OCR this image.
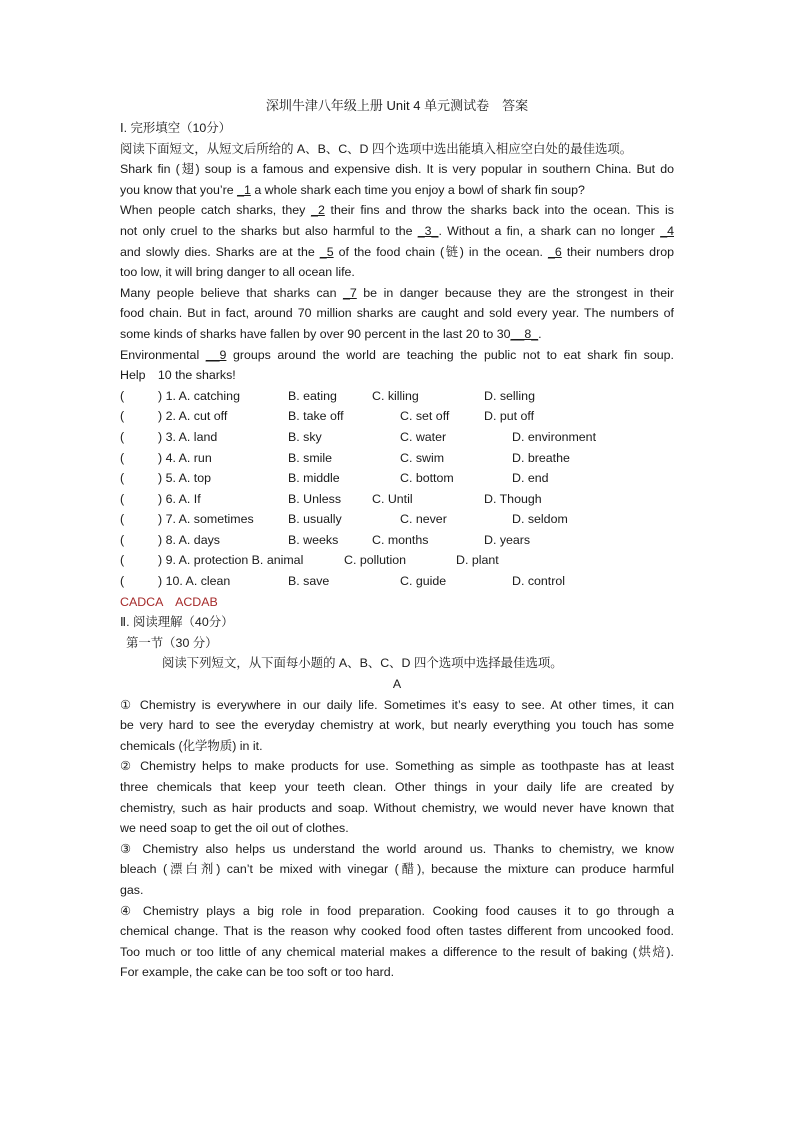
深圳牛津八年级上册 Unit 4 单元测试卷　答案

Ⅰ. 完形填空（10分）

阅读下面短文，从短文后所给的 A、B、C、D 四个选项中选出能填入相应空白处的最佳选项。

Shark fin (翅) soup is a famous and expensive dish. It is very popular in southern China. But do

you know that you’re _1 a whole shark each time you enjoy a bowl of shark fin soup?

When people catch sharks, they _2 their fins and throw the sharks back into the ocean. This is

not only cruel to the sharks but also harmful to the _3_. Without a fin, a shark can no longer _4

and slowly dies. Sharks are at the _5 of the food chain (链) in the ocean. _6 their numbers drop

too low, it will bring danger to all ocean life.

Many people believe that sharks can _7 be in danger because they are the strongest in their

food chain. But in fact, around 70 million sharks are caught and sold every year. The numbers of

some kinds of sharks have fallen by over 90 percent in the last 20 to 30__8_.

Environmental __9 groups around the world are teaching the public not to eat shark fin soup.

Help　10 the sharks!

(	) 1. A. catching	B. eating	C. killing	D. selling
(	) 2. A. cut off	B. take off	C. set off	D. put off
(	) 3. A. land	B. sky	C. water	D. environment
(	) 4. A. run	B. smile	C. swim	D. breathe
(	) 5. A. top	B. middle	C. bottom	D. end
(	) 6. A. If	B. Unless C. Until	D. Though
(	) 7. A. sometimes	B. usually	C. never	D. seldom
(	) 8. A. days	B. weeks	C. months	D. years
(	) 9. A. protection B. animal	C. pollution	D. plant
(	) 10. A. clean	B. save	C. guide	D. control

CADCA　ACDAB

Ⅱ. 阅读理解（40分）

第一节（30 分）

阅读下列短文，从下面每小题的 A、B、C、D 四个选项中选择最佳选项。

A

① Chemistry is everywhere in our daily life. Sometimes it’s easy to see. At other times, it can

be very hard to see the everyday chemistry at work, but nearly everything you touch has some

chemicals (化学物质) in it.

② Chemistry helps to make products for use. Something as simple as toothpaste has at least

three chemicals that keep your teeth clean. Other things in your daily life are created by

chemistry, such as hair products and soap. Without chemistry, we would never have known that

we need soap to get the oil out of clothes.

③ Chemistry also helps us understand the world around us. Thanks to chemistry, we know

bleach (漂白剂) can’t be mixed with vinegar (醋), because the mixture can produce harmful

gas.

④ Chemistry plays a big role in food preparation. Cooking food causes it to go through a

chemical change. That is the reason why cooked food often tastes different from uncooked food.

Too much or too little of any chemical material makes a difference to the result of baking (烘焙).

For example, the cake can be too soft or too hard.
